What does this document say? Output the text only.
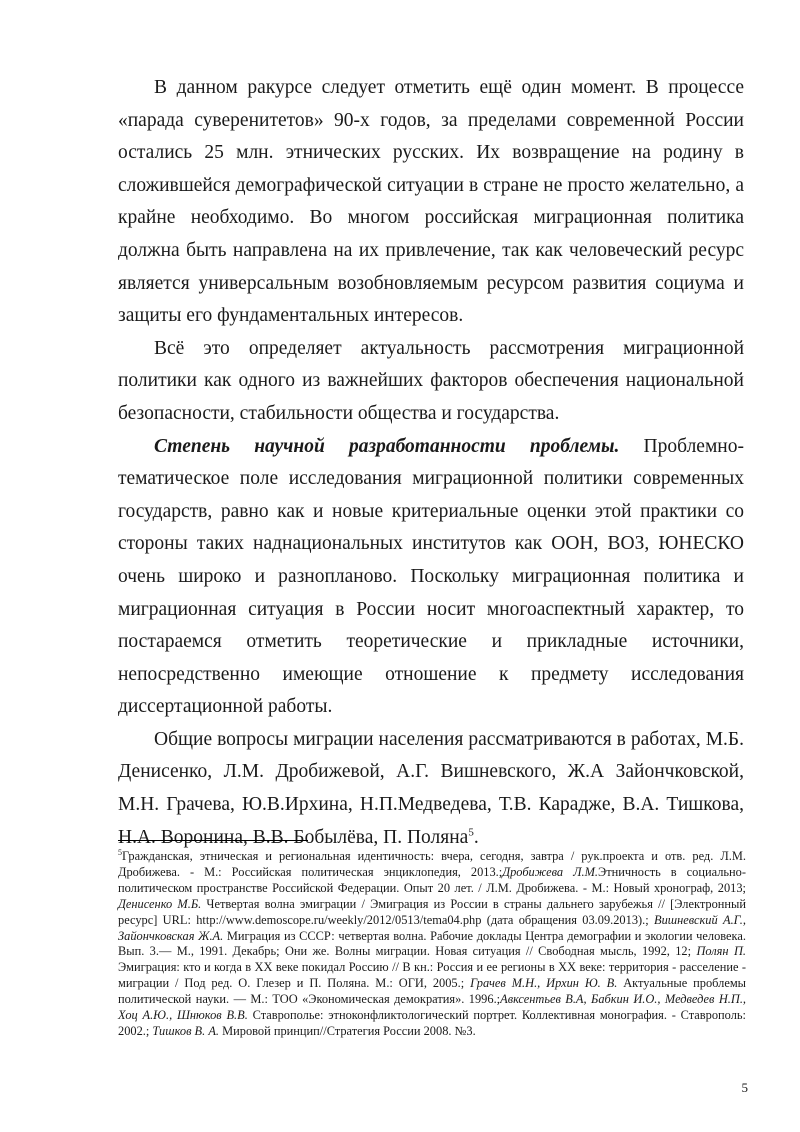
В данном ракурсе следует отметить ещё один момент. В процессе «парада суверенитетов» 90-х годов, за пределами современной России остались 25 млн. этнических русских. Их возвращение на родину в сложившейся демографической ситуации в стране не просто желательно, а крайне необходимо. Во многом российская миграционная политика должна быть направлена на их привлечение, так как человеческий ресурс является универсальным возобновляемым ресурсом развития социума и защиты его фундаментальных интересов.

Всё это определяет актуальность рассмотрения миграционной политики как одного из важнейших факторов обеспечения национальной безопасности, стабильности общества и государства.

Степень научной разработанности проблемы. Проблемно-тематическое поле исследования миграционной политики современных государств, равно как и новые критериальные оценки этой практики со стороны таких наднациональных институтов как ООН, ВОЗ, ЮНЕСКО очень широко и разнопланово. Поскольку миграционная политика и миграционная ситуация в России носит многоаспектный характер, то постараемся отметить теоретические и прикладные источники, непосредственно имеющие отношение к предмету исследования диссертационной работы.

Общие вопросы миграции населения рассматриваются в работах, М.Б. Денисенко, Л.М. Дробижевой, А.Г. Вишневского, Ж.А Зайончковской, М.Н. Грачева, Ю.В.Ирхина, Н.П.Медведева, Т.В. Караджe, В.А. Тишкова, Н.А. Воронина, В.В. Бобылёва, П. Поляна$^5$.

$^5$Гражданская, этническая и региональная идентичность: вчера, сегодня, завтра / рук.проекта и отв. ред. Л.М. Дробижева. - М.: Российская политическая энциклопедия, 2013.;Дробижева Л.М.Этничность в социально-политическом пространстве Российской Федерации. Опыт 20 лет. / Л.М. Дробижева. - М.: Новый хронограф, 2013; Денисенко М.Б. Четвертая волна эмиграции / Эмиграция из России в страны дальнего зарубежья // [Электронный ресурс] URL: http://www.demoscope.ru/weekly/2012/0513/tema04.php (дата обращения 03.09.2013).; Вишневский А.Г., Зайончковская Ж.А. Миграция из СССР: четвертая волна. Рабочие доклады Центра демографии и экологии человека. Вып. 3.— М., 1991. Декабрь; Они же. Волны миграции. Новая ситуация // Свободная мысль, 1992, 12; Полян П. Эмиграция: кто и когда в XX веке покидал Россию // В кн.: Россия и ее регионы в XX веке: территория - расселение - миграции / Под ред. О. Глезер и П. Поляна. М.: ОГИ, 2005.; Грачев М.Н., Ирхин Ю. В. Актуальные проблемы политической науки. — М.: ТОО «Экономическая демократия». 1996.;Авксентьев В.А, Бабкин И.О., Медведев Н.П., Хоц А.Ю., Шнюков В.В. Ставрополье: этноконфликтологический портрет. Коллективная монография. - Ставрополь: 2002.; Тишков В. А. Мировой принцип//Стратегия России 2008. №3.
5
